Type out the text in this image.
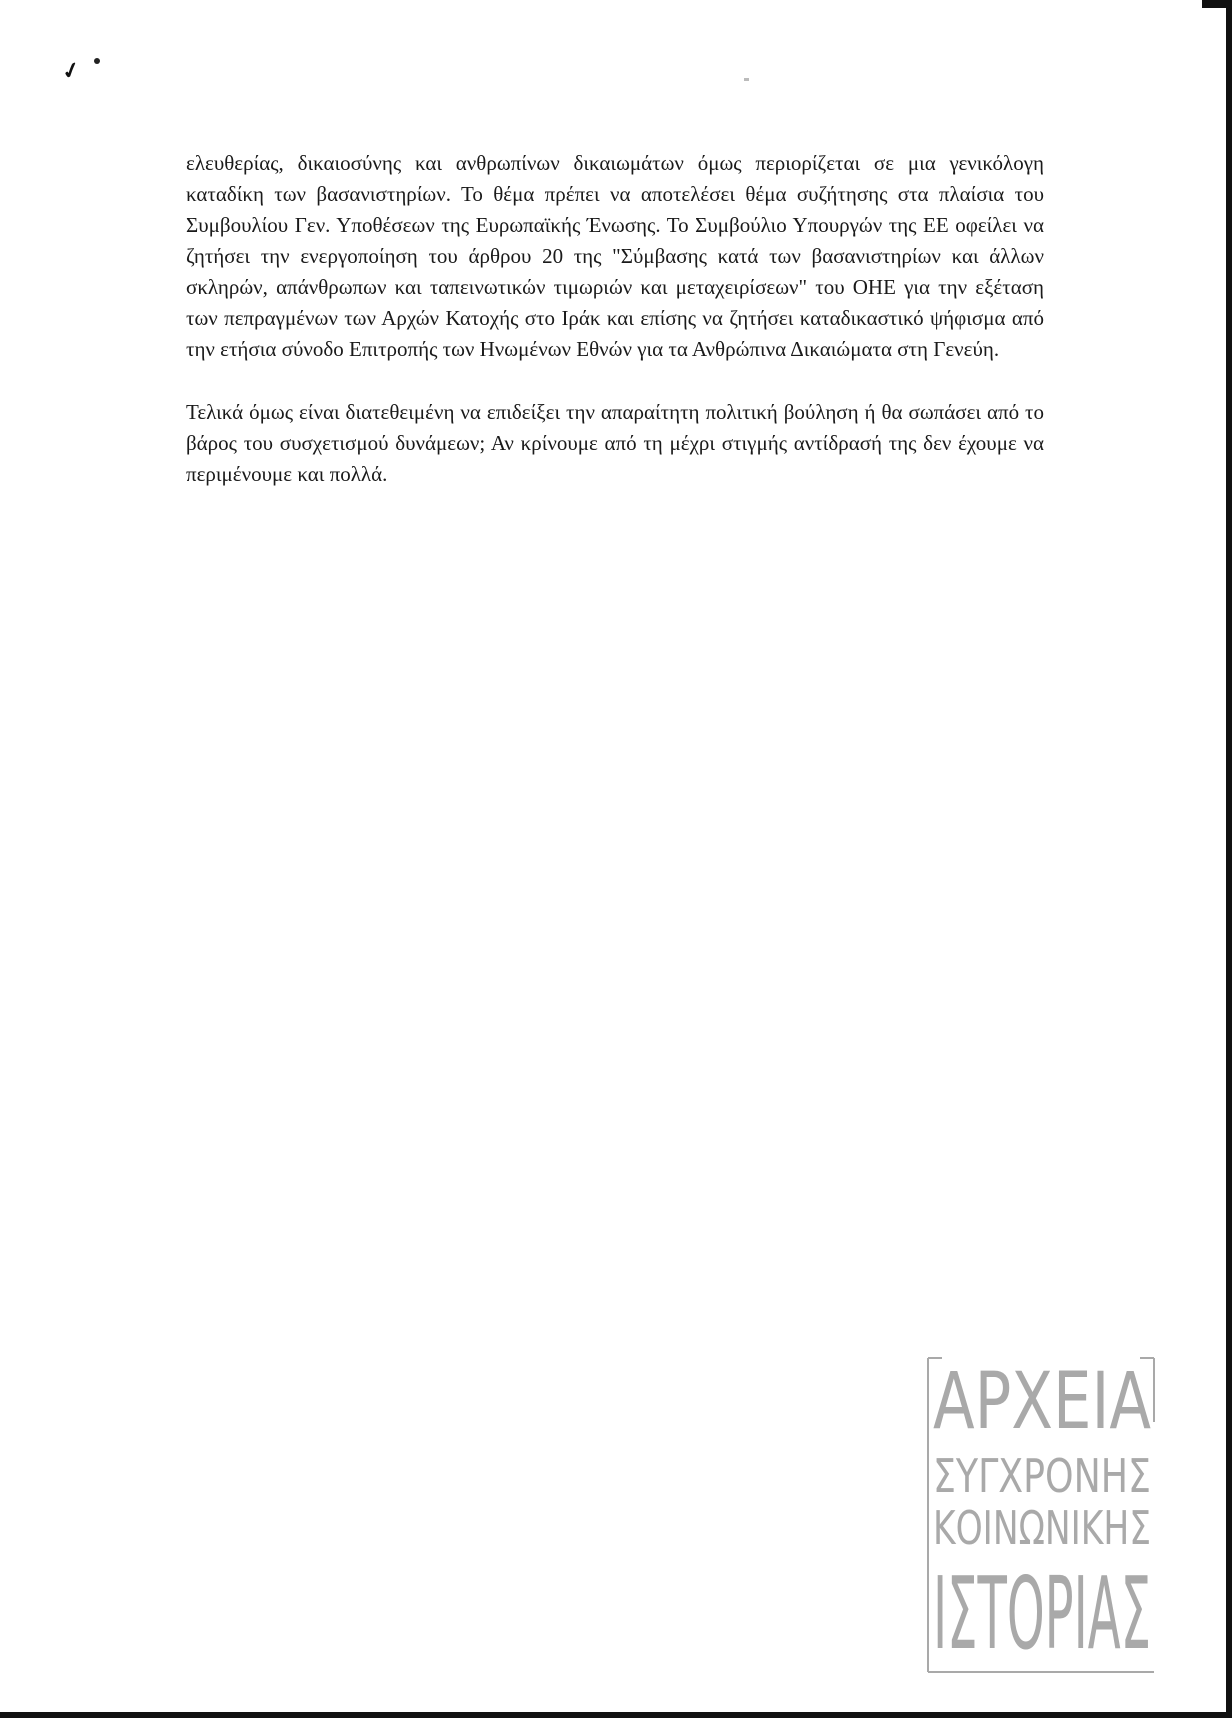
✓

ελευθερίας, δικαιοσύνης και ανθρωπίνων δικαιωμάτων όμως περιορίζεται σε μια γενικόλογη καταδίκη των βασανιστηρίων. Το θέμα πρέπει να αποτελέσει θέμα συζήτησης στα πλαίσια του Συμβουλίου Γεν. Υποθέσεων της Ευρωπαϊκής Ένωσης. Το Συμβούλιο Υπουργών της ΕΕ οφείλει να ζητήσει την ενεργοποίηση του άρθρου 20 της "Σύμβασης κατά των βασανιστηρίων και άλλων σκληρών, απάνθρωπων και ταπεινωτικών τιμωριών και μεταχειρίσεων" του ΟΗΕ για την εξέταση των πεπραγμένων των Αρχών Κατοχής στο Ιράκ και επίσης να ζητήσει καταδικαστικό ψήφισμα από την ετήσια σύνοδο Επιτροπής των Ηνωμένων Εθνών για τα Ανθρώπινα Δικαιώματα στη Γενεύη.

Τελικά όμως είναι διατεθειμένη να επιδείξει την απαραίτητη πολιτική βούληση ή θα σωπάσει από το βάρος του συσχετισμού δυνάμεων; Αν κρίνουμε από τη μέχρι στιγμής αντίδρασή της δεν έχουμε να περιμένουμε και πολλά.

ΑΡΧΕΙΑ
ΣΥΓΧΡΟΝΗΣ
ΚΟΙΝΩΝΙΚΗΣ
ΙΣΤΟΡΙΑΣ
